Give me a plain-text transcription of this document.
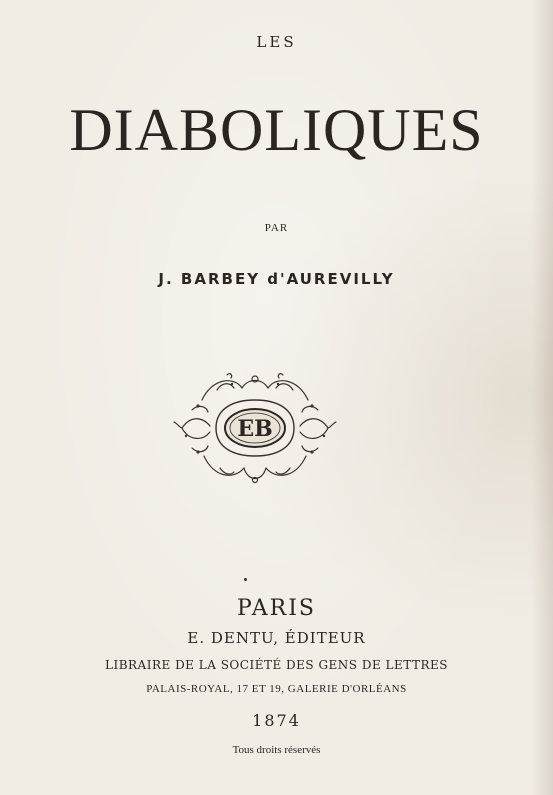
LES
DIABOLIQUES
PAR
J. BARBEY d'AUREVILLY
EB
PARIS
E. DENTU, ÉDITEUR
LIBRAIRE DE LA SOCIÉTÉ DES GENS DE LETTRES
PALAIS-ROYAL, 17 ET 19, GALERIE D'ORLÉANS
1874
Tous droits réservés
